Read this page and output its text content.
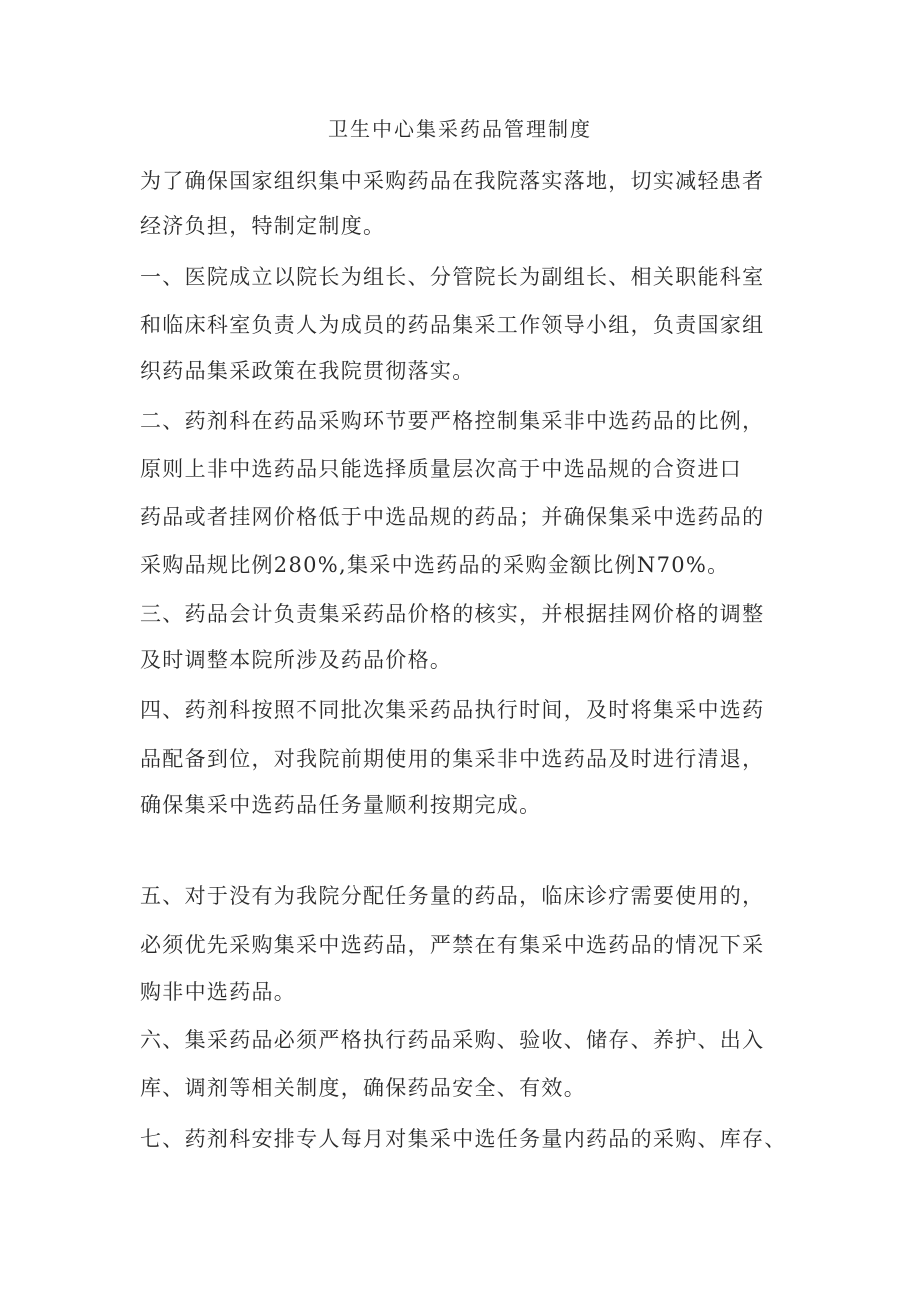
卫生中心集采药品管理制度
为了确保国家组织集中采购药品在我院落实落地，切实减轻患者
经济负担，特制定制度。
一、医院成立以院长为组长、分管院长为副组长、相关职能科室
和临床科室负责人为成员的药品集采工作领导小组，负责国家组
织药品集采政策在我院贯彻落实。
二、药剂科在药品采购环节要严格控制集采非中选药品的比例，
原则上非中选药品只能选择质量层次高于中选品规的合资进口
药品或者挂网价格低于中选品规的药品；并确保集采中选药品的
采购品规比例280%,集采中选药品的采购金额比例N70%。
三、药品会计负责集采药品价格的核实，并根据挂网价格的调整
及时调整本院所涉及药品价格。
四、药剂科按照不同批次集采药品执行时间，及时将集采中选药
品配备到位，对我院前期使用的集采非中选药品及时进行清退，
确保集采中选药品任务量顺利按期完成。
五、对于没有为我院分配任务量的药品，临床诊疗需要使用的，
必须优先采购集采中选药品，严禁在有集采中选药品的情况下采
购非中选药品。
六、集采药品必须严格执行药品采购、验收、储存、养护、出入
库、调剂等相关制度，确保药品安全、有效。
七、药剂科安排专人每月对集采中选任务量内药品的采购、库存、
